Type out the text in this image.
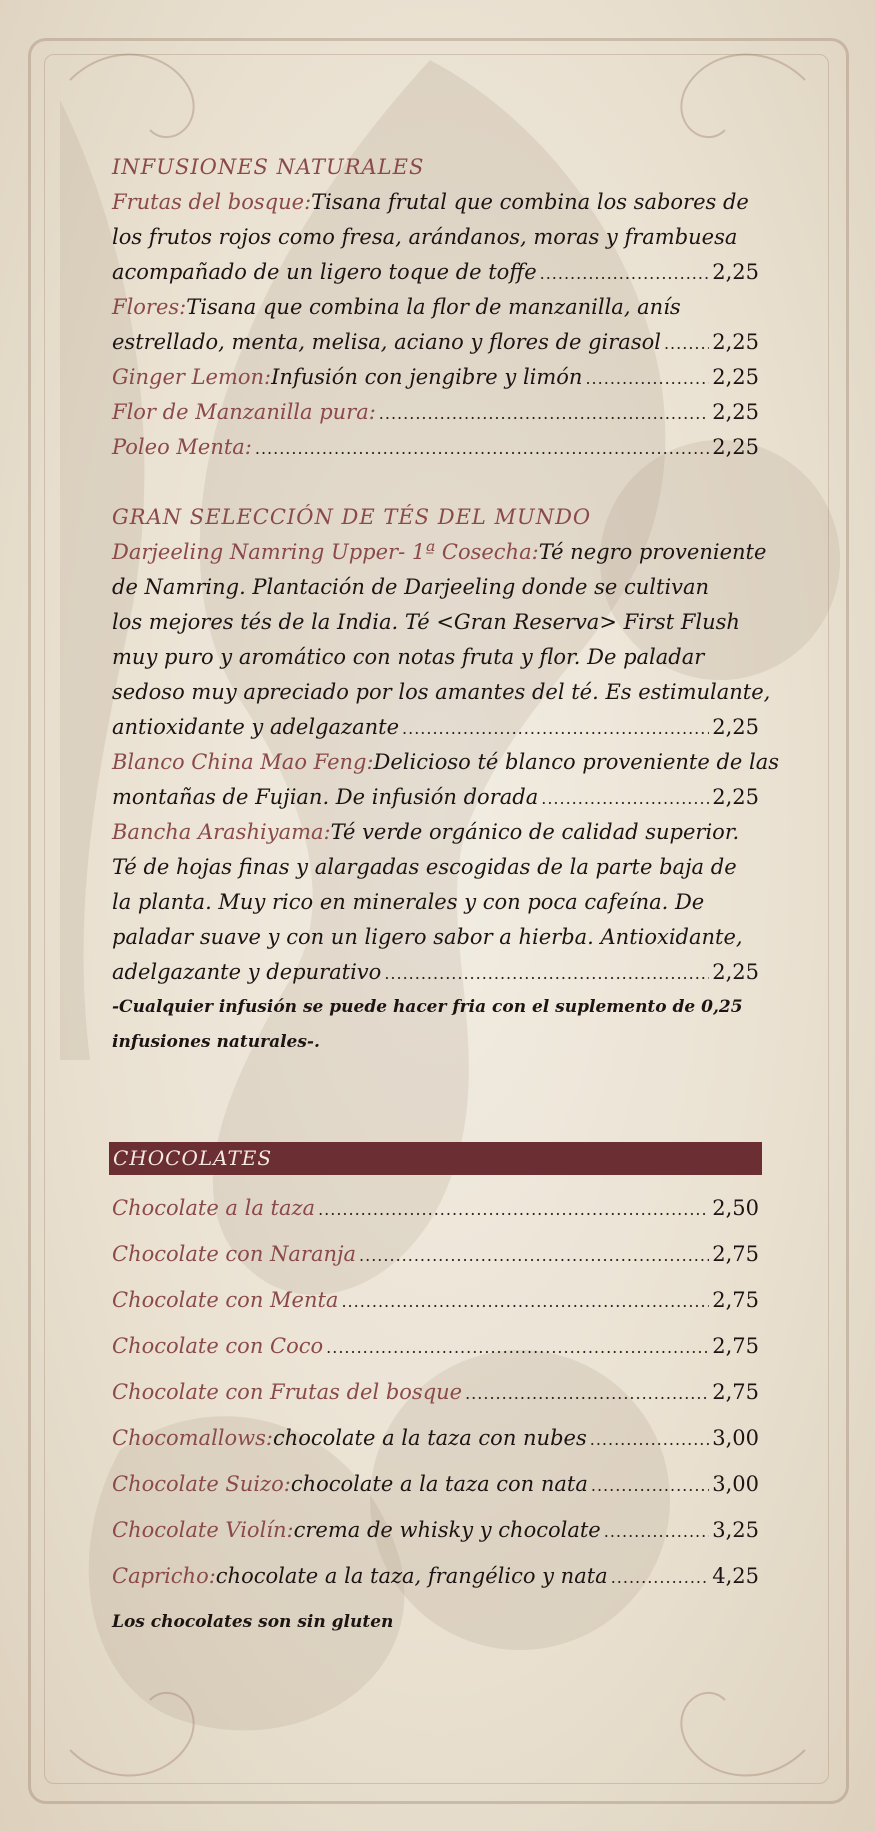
INFUSIONES NATURALES
Frutas del bosque: Tisana frutal que combina los sabores de
los frutos rojos como fresa, arándanos, moras y frambuesa
acompañado de un ligero toque de toffe .....	2,25
Flores: Tisana que combina la flor de manzanilla, anís
estrellado, menta, melisa, aciano y flores de girasol ..... 2,25
Ginger Lemon: Infusión con jengibre y limón .....	2,25
Flor de Manzanilla pura: .....	2,25
Poleo Menta: .....	2,25
GRAN SELECCIÓN DE TÉS DEL MUNDO
Darjeeling Namring Upper- 1ª Cosecha: Té negro proveniente
de Namring. Plantación de Darjeeling donde se cultivan
los mejores tés de la India. Té <Gran Reserva> First Flush
muy puro y aromático con notas fruta y flor. De paladar
sedoso muy apreciado por los amantes del té. Es estimulante,
antioxidante y adelgazante .....	2,25
Blanco China Mao Feng: Delicioso té blanco proveniente de las
montañas de Fujian. De infusión dorada .....	2,25
Bancha Arashiyama: Té verde orgánico de calidad superior.
Té de hojas finas y alargadas escogidas de la parte baja de
la planta. Muy rico en minerales y con poca cafeína. De
paladar suave y con un ligero sabor a hierba. Antioxidante,
adelgazante y depurativo .....	2,25
-Cualquier infusión se puede hacer fria con el suplemento de 0,25
infusiones naturales-.
CHOCOLATES
Chocolate a la taza .....	2,50
Chocolate con Naranja .....	2,75
Chocolate con Menta .....	2,75
Chocolate con Coco .....	2,75
Chocolate con Frutas del bosque .....	2,75
Chocomallows: chocolate a la taza con nubes .....	3,00
Chocolate Suizo: chocolate a la taza con nata .....	3,00
Chocolate Violín: crema de whisky y chocolate .....	3,25
Capricho: chocolate a la taza, frangélico y nata .....	4,25
Los chocolates son sin gluten
